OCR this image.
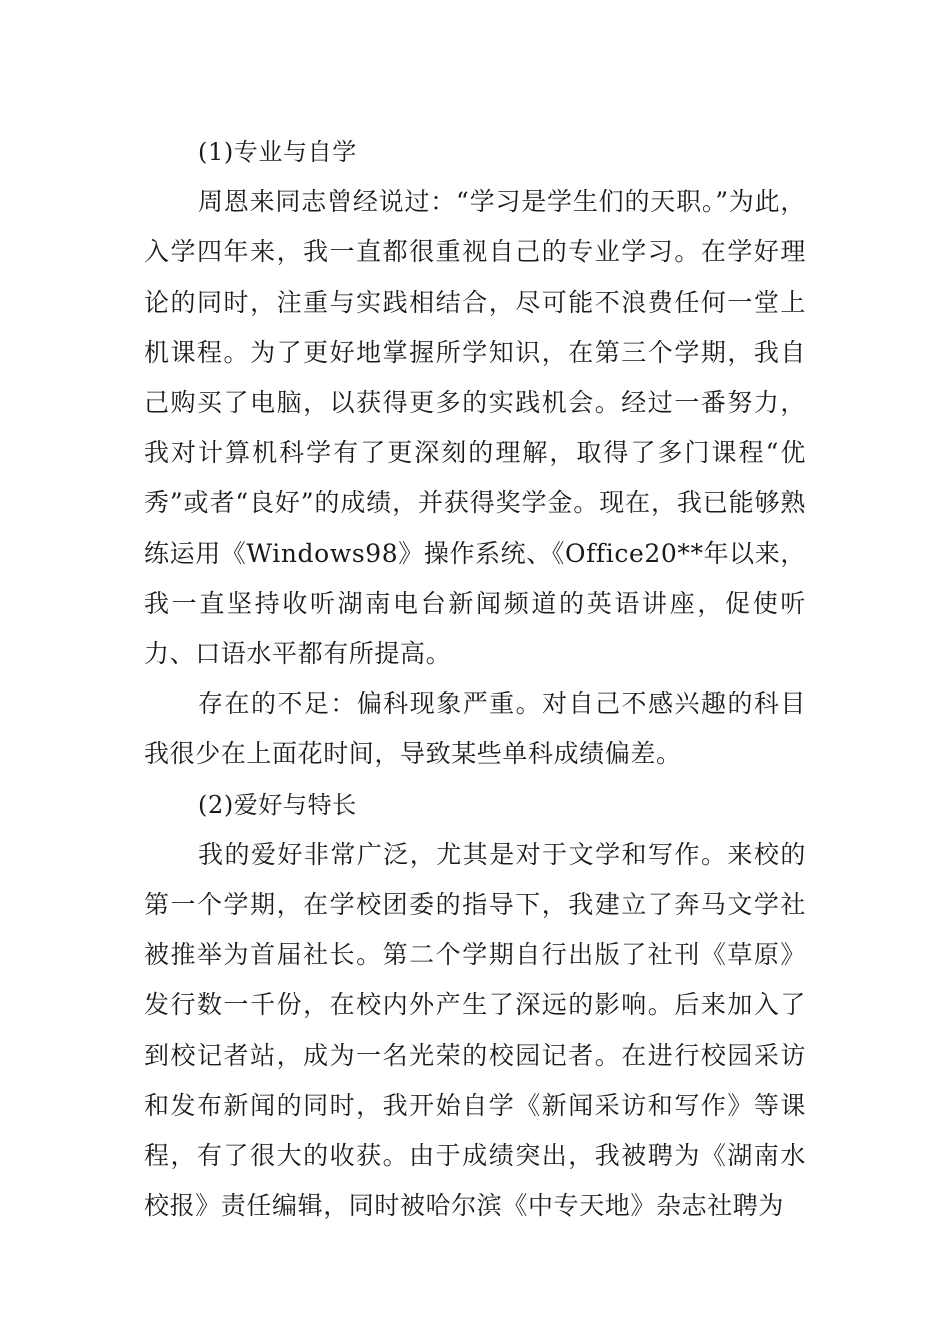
(1)专业与自学

周恩来同志曾经说过：“学习是学生们的天职。”为此，入学四年来，我一直都很重视自己的专业学习。在学好理论的同时，注重与实践相结合，尽可能不浪费任何一堂上机课程。为了更好地掌握所学知识，在第三个学期，我自己购买了电脑，以获得更多的实践机会。经过一番努力，我对计算机科学有了更深刻的理解，取得了多门课程“优秀”或者“良好”的成绩，并获得奖学金。现在，我已能够熟练运用《Windows98》操作系统、《Office20**年以来，我一直坚持收听湖南电台新闻频道的英语讲座，促使听力、口语水平都有所提高。

存在的不足：偏科现象严重。对自己不感兴趣的科目我很少在上面花时间，导致某些单科成绩偏差。

(2)爱好与特长

我的爱好非常广泛，尤其是对于文学和写作。来校的第一个学期，在学校团委的指导下，我建立了奔马文学社被推举为首届社长。第二个学期自行出版了社刊《草原》发行数一千份，在校内外产生了深远的影响。后来加入了到校记者站，成为一名光荣的校园记者。在进行校园采访和发布新闻的同时，我开始自学《新闻采访和写作》等课程，有了很大的收获。由于成绩突出，我被聘为《湖南水校报》责任编辑，同时被哈尔滨《中专天地》杂志社聘为
